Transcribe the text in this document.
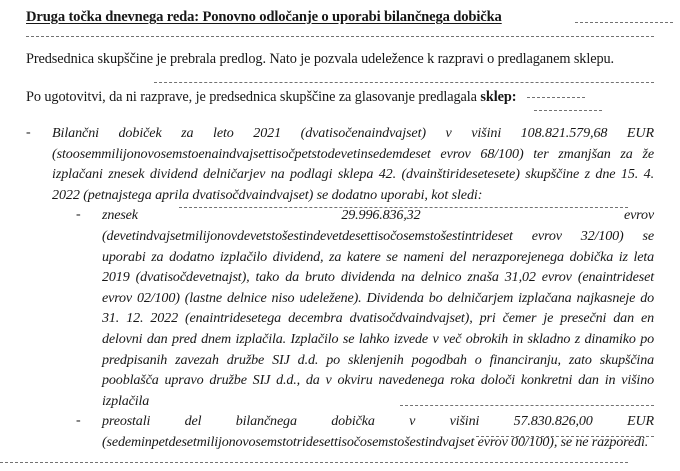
Druga točka dnevnega reda: Ponovno odločanje o uporabi bilančnega dobička

Predsednica skupščine je prebrala predlog. Nato je pozvala udeležence k razpravi o predlaganem sklepu.

Po ugotovitvi, da ni razprave, je predsednica skupščine za glasovanje predlagala sklep:

- Bilančni dobiček za leto 2021 (dvatisočenaindvajset) v višini 108.821.579,68 EUR (stoosemmilijonovosemstoenaindvajsettisočpetstodevetinsedemdeset evrov 68/100) ter zmanjšan za že izplačani znesek dividend delničarjev na podlagi sklepa 42. (dvainštiridesetesete) skupščine z dne 15. 4. 2022 (petnajstega aprila dvatisočdvaindvajset) se dodatno uporabi, kot sledi:
- znesek 29.996.836,32 evrov (devetindvajsetmilijonovdevetstošestindevetdesettisočosemstošestintrideset evrov 32/100) se uporabi za dodatno izplačilo dividend, za katere se nameni del nerazporejenega dobička iz leta 2019 (dvatisočdevetnajst), tako da bruto dividenda na delnico znaša 31,02 evrov (enaintrideset evrov 02/100) (lastne delnice niso udeležene). Dividenda bo delničarjem izplačana najkasneje do 31. 12. 2022 (enaintridesetega decembra dvatisočdvaindvajset), pri čemer je presečni dan en delovni dan pred dnem izplačila. Izplačilo se lahko izvede v več obrokih in skladno z dinamiko po predpisanih zavezah družbe SIJ d.d. po sklenjenih pogodbah o financiranju, zato skupščina pooblašča upravo družbe SIJ d.d., da v okviru navedenega roka določi konkretni dan in višino izplačila
- preostali del bilančnega dobička v višini 57.830.826,00 EUR (sedeminpetdesetmilijonovosemstotridesettisočosemstošestindvajset evrov 00/100), se ne razporedi.
